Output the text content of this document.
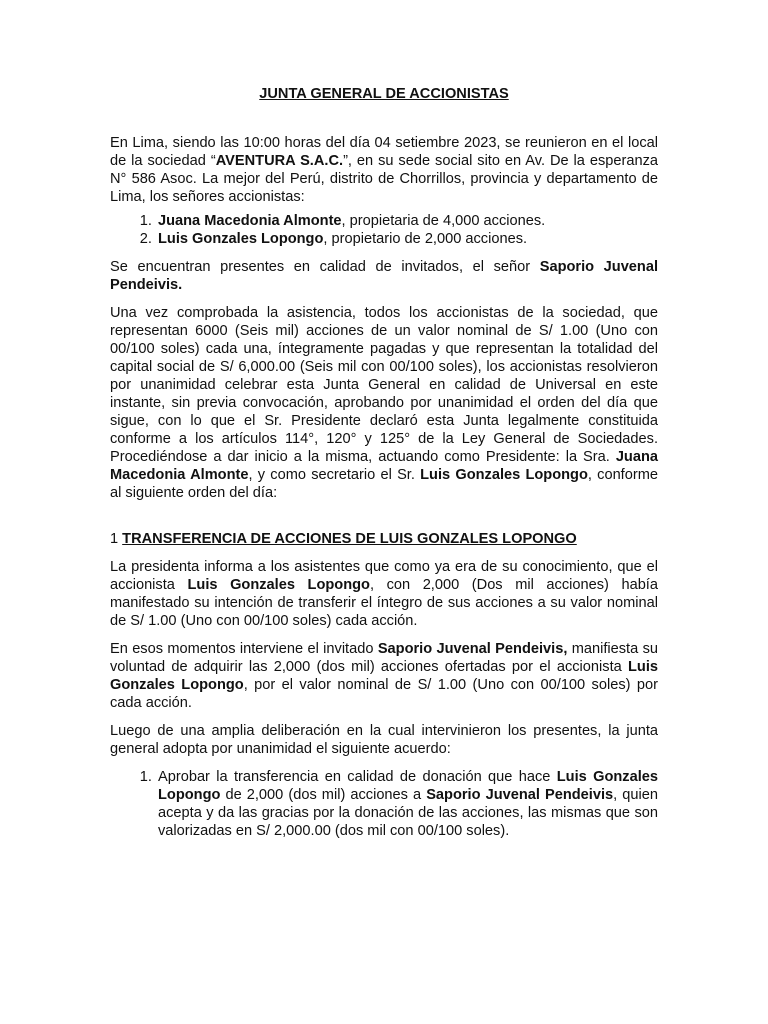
JUNTA GENERAL DE ACCIONISTAS

En Lima, siendo las 10:00 horas del día 04 setiembre 2023, se reunieron en el local de la sociedad “AVENTURA S.A.C.”, en su sede social sito en Av. De la esperanza N° 586 Asoc. La mejor del Perú, distrito de Chorrillos, provincia y departamento de Lima, los señores accionistas:

1. Juana Macedonia Almonte, propietaria de 4,000 acciones.
2. Luis Gonzales Lopongo, propietario de 2,000 acciones.

Se encuentran presentes en calidad de invitados, el señor Saporio Juvenal Pendeivis.

Una vez comprobada la asistencia, todos los accionistas de la sociedad, que representan 6000 (Seis mil) acciones de un valor nominal de S/ 1.00 (Uno con 00/100 soles) cada una, íntegramente pagadas y que representan la totalidad del capital social de S/ 6,000.00 (Seis mil con 00/100 soles), los accionistas resolvieron por unanimidad celebrar esta Junta General en calidad de Universal en este instante, sin previa convocación, aprobando por unanimidad el orden del día que sigue, con lo que el Sr. Presidente declaró esta Junta legalmente constituida conforme a los artículos 114°, 120° y 125° de la Ley General de Sociedades. Procediéndose a dar inicio a la misma, actuando como Presidente: la Sra. Juana Macedonia Almonte, y como secretario el Sr. Luis Gonzales Lopongo, conforme al siguiente orden del día:

1 TRANSFERENCIA DE ACCIONES DE LUIS GONZALES LOPONGO

La presidenta informa a los asistentes que como ya era de su conocimiento, que el accionista Luis Gonzales Lopongo, con 2,000 (Dos mil acciones) había manifestado su intención de transferir el íntegro de sus acciones a su valor nominal de S/ 1.00 (Uno con 00/100 soles) cada acción.

En esos momentos interviene el invitado Saporio Juvenal Pendeivis, manifiesta su voluntad de adquirir las 2,000 (dos mil) acciones ofertadas por el accionista Luis Gonzales Lopongo, por el valor nominal de S/ 1.00 (Uno con 00/100 soles) por cada acción.

Luego de una amplia deliberación en la cual intervinieron los presentes, la junta general adopta por unanimidad el siguiente acuerdo:

1. Aprobar la transferencia en calidad de donación que hace Luis Gonzales Lopongo de 2,000 (dos mil) acciones a Saporio Juvenal Pendeivis, quien acepta y da las gracias por la donación de las acciones, las mismas que son valorizadas en S/ 2,000.00 (dos mil con 00/100 soles).
